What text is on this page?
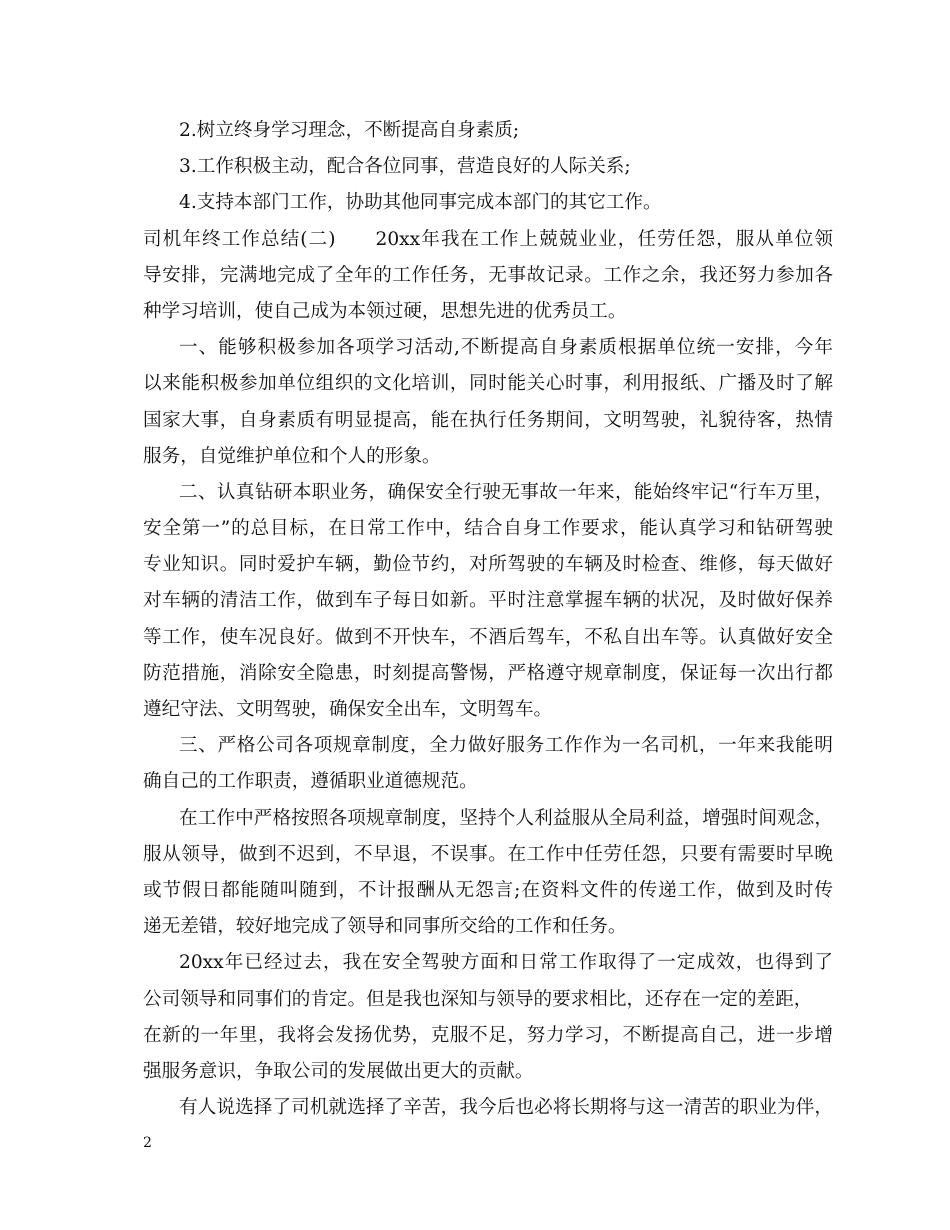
2.树立终身学习理念，不断提高自身素质;
3.工作积极主动，配合各位同事，营造良好的人际关系;
4.支持本部门工作，协助其他同事完成本部门的其它工作。
司机年终工作总结(二) 20xx年我在工作上兢兢业业，任劳任怨，服从单位领
导安排，完满地完成了全年的工作任务，无事故记录。工作之余，我还努力参加各
种学习培训，使自己成为本领过硬，思想先进的优秀员工。
一、能够积极参加各项学习活动,不断提高自身素质根据单位统一安排，今年
以来能积极参加单位组织的文化培训，同时能关心时事，利用报纸、广播及时了解
国家大事，自身素质有明显提高，能在执行任务期间，文明驾驶，礼貌待客，热情
服务，自觉维护单位和个人的形象。
二、认真钻研本职业务，确保安全行驶无事故一年来，能始终牢记“行车万里，
安全第一”的总目标，在日常工作中，结合自身工作要求，能认真学习和钻研驾驶
专业知识。同时爱护车辆，勤俭节约，对所驾驶的车辆及时检查、维修，每天做好
对车辆的清洁工作，做到车子每日如新。平时注意掌握车辆的状况，及时做好保养
等工作，使车况良好。做到不开快车，不酒后驾车，不私自出车等。认真做好安全
防范措施，消除安全隐患，时刻提高警惕，严格遵守规章制度，保证每一次出行都
遵纪守法、文明驾驶，确保安全出车，文明驾车。
三、严格公司各项规章制度，全力做好服务工作作为一名司机，一年来我能明
确自己的工作职责，遵循职业道德规范。
在工作中严格按照各项规章制度，坚持个人利益服从全局利益，增强时间观念，
服从领导，做到不迟到，不早退，不误事。在工作中任劳任怨，只要有需要时早晚
或节假日都能随叫随到，不计报酬从无怨言;在资料文件的传递工作，做到及时传
递无差错，较好地完成了领导和同事所交给的工作和任务。
20xx年已经过去，我在安全驾驶方面和日常工作取得了一定成效，也得到了
公司领导和同事们的肯定。但是我也深知与领导的要求相比，还存在一定的差距，
在新的一年里，我将会发扬优势，克服不足，努力学习，不断提高自己，进一步增
强服务意识，争取公司的发展做出更大的贡献。
有人说选择了司机就选择了辛苦，我今后也必将长期将与这一清苦的职业为伴，
2
